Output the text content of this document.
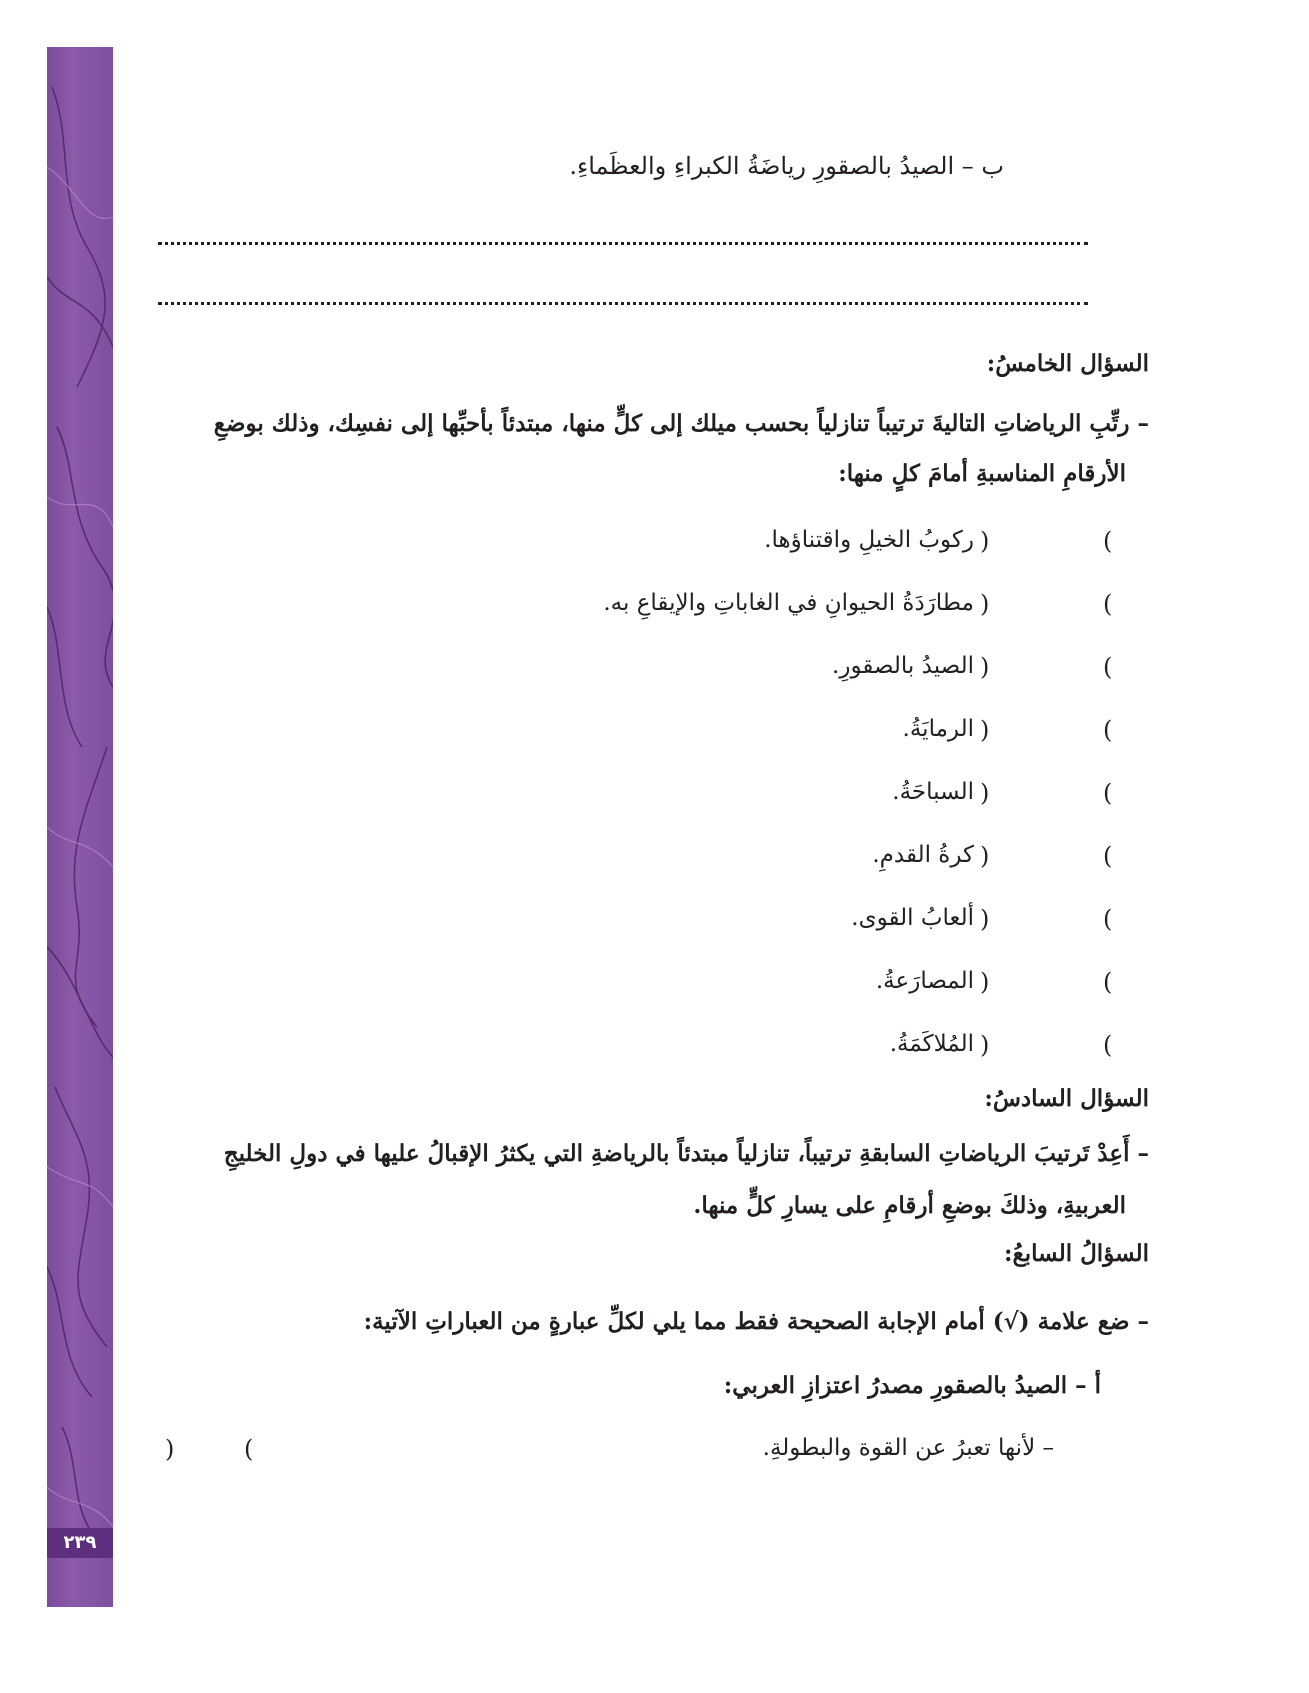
٢٣٩
ب – الصيدُ بالصقورِ رياضَةُ الكبراءِ والعظَماءِ.
السؤال الخامسُ:
– رتِّبِ الرياضاتِ التاليةَ ترتيباً تنازلياً بحسب ميلك إلى كلٍّ منها، مبتدئاً بأحبِّها إلى نفسِك، وذلك بوضعِ
الأرقامِ المناسبةِ أمامَ كلٍ منها:
(
)
ركوبُ الخيلِ واقتناؤها.
(
)
مطارَدَةُ الحيوانِ في الغاباتِ والإيقاعِ به.
(
)
الصيدُ بالصقورِ.
(
)
الرمايَةُ.
(
)
السباحَةُ.
(
)
كرةُ القدمِ.
(
)
ألعابُ القوى.
(
)
المصارَعةُ.
(
)
المُلاكَمَةُ.
السؤال السادسُ:
– أَعِدْ تَرتيبَ الرياضاتِ السابقةِ ترتيباً، تنازلياً مبتدئاً بالرياضةِ التي يكثرُ الإقبالُ عليها في دولِ الخليجِ
العربيةِ، وذلكَ بوضعِ أرقامِ على يسارِ كلٍّ منها.
السؤالُ السابعُ:
– ضع علامة (√) أمام الإجابة الصحيحة فقط مما يلي لكلِّ عبارةٍ من العباراتِ الآتية:
أ – الصيدُ بالصقورِ مصدرُ اعتزازِ العربي:
– لأنها تعبرُ عن القوة والبطولةِ.
(
)
